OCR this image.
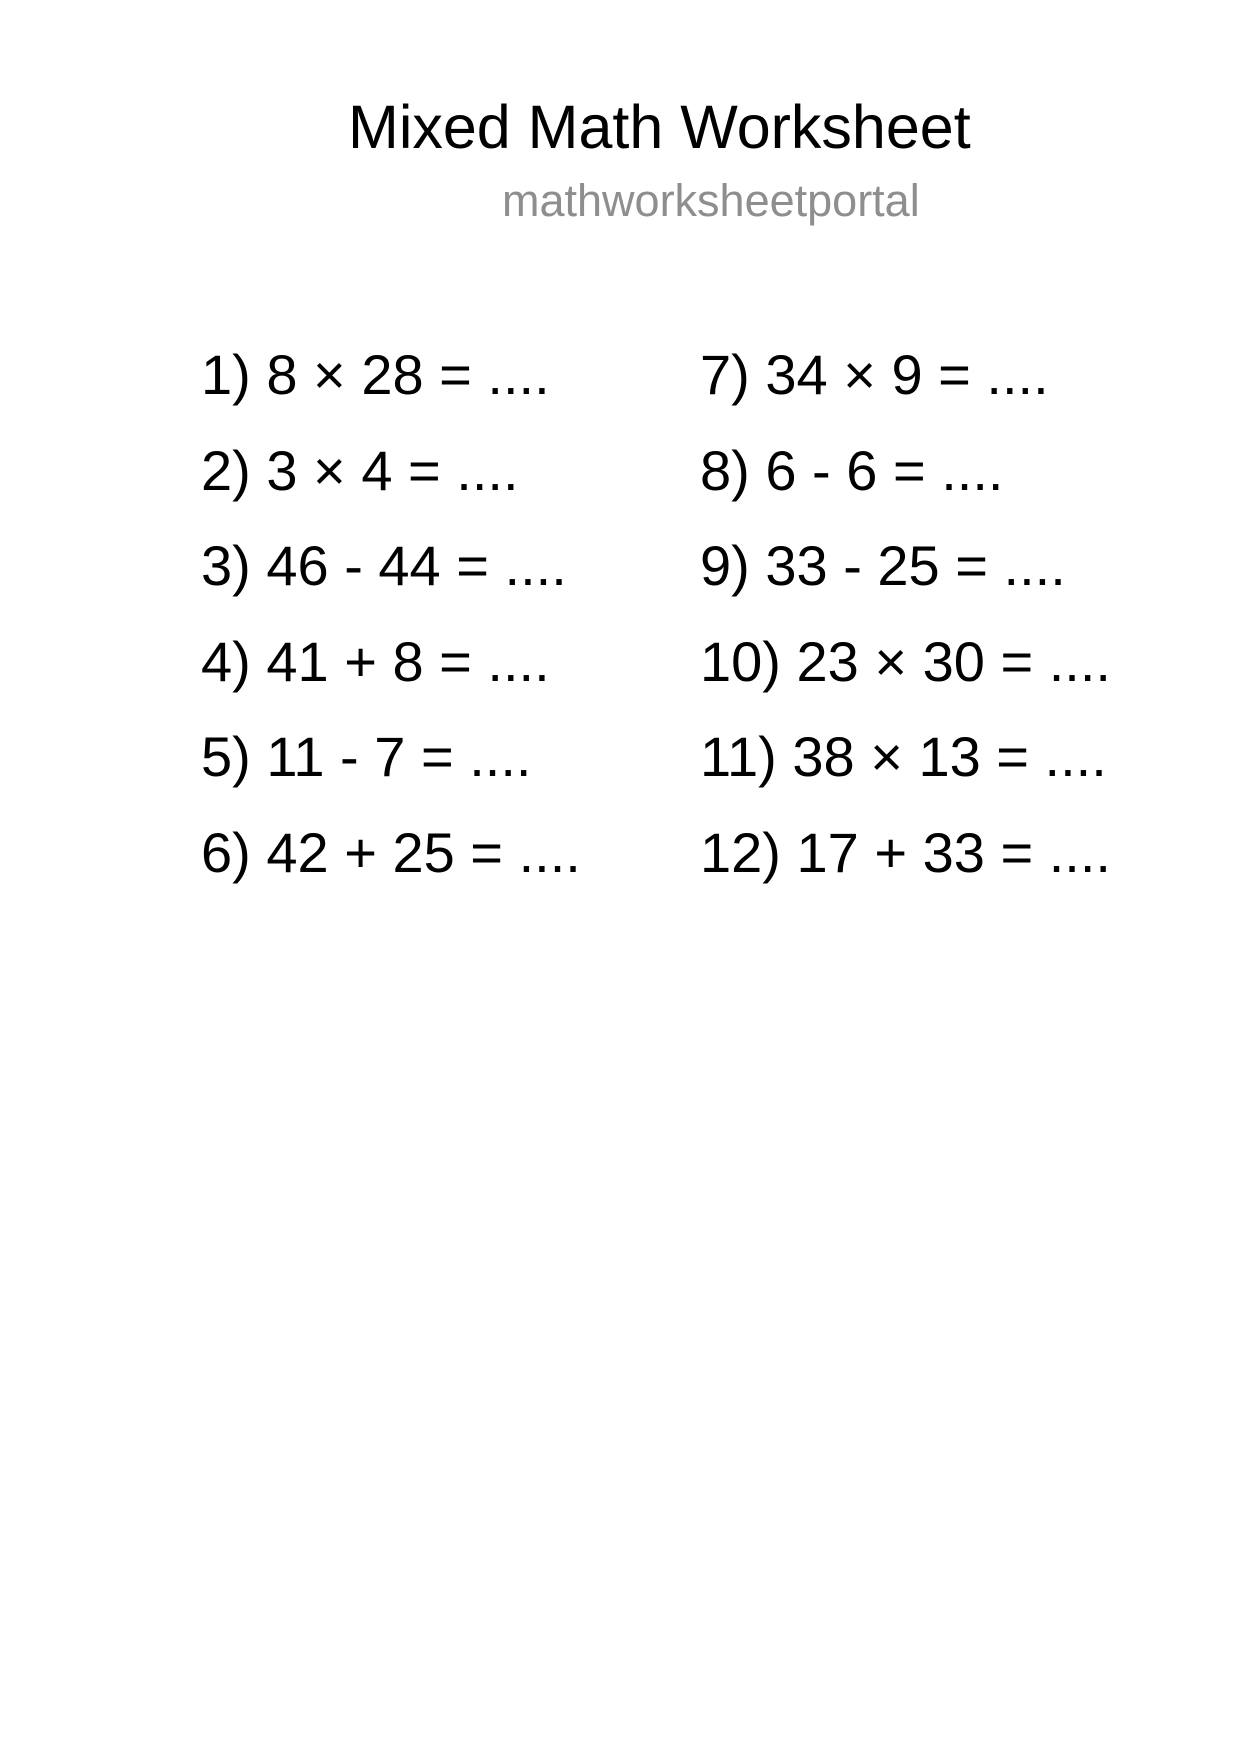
Mixed Math Worksheet
mathworksheetportal
1) 8 × 28 = ....
2) 3 × 4 = ....
3) 46 - 44 = ....
4) 41 + 8 = ....
5) 11 - 7 = ....
6) 42 + 25 = ....
7) 34 × 9 = ....
8) 6 - 6 = ....
9) 33 - 25 = ....
10) 23 × 30 = ....
11) 38 × 13 = ....
12) 17 + 33 = ....
